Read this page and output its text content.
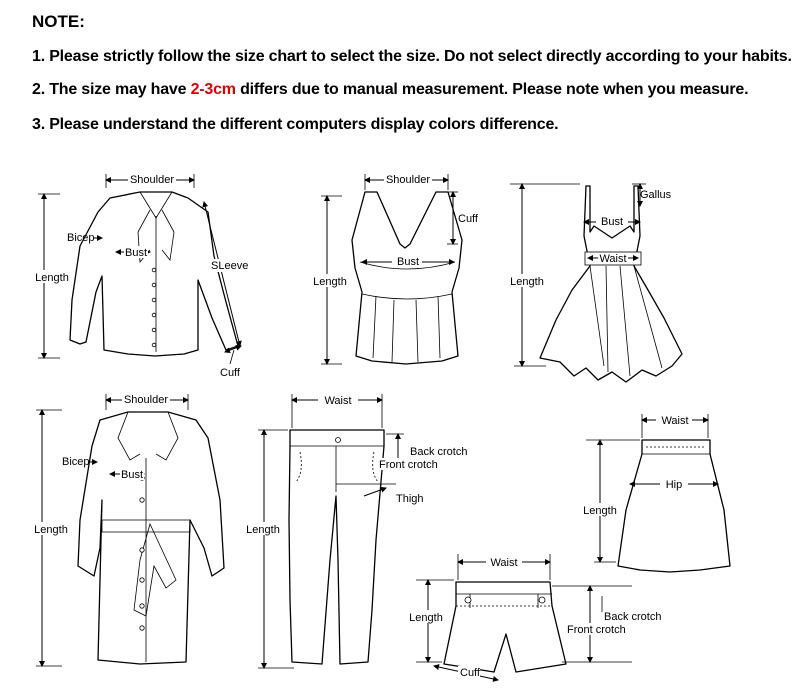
NOTE:
1. Please strictly follow the size chart to select the size. Do not select directly according to your habits.
2. The size may have 2-3cm differs due to manual measurement. Please note when you measure.
3. Please understand the different computers display colors difference.
Shoulder
Length
Bicep
Bust
SLeeve
Cuff
Shoulder
Cuff
Bust
Length
Gallus
Bust
Waist
Length
Shoulder
Length
Bicep
Bust
Waist
Back crotch
Front crotch
Thigh
Length
Waist
Hip
Length
Waist
Length	Back crotch
Front crotch
Cuff
